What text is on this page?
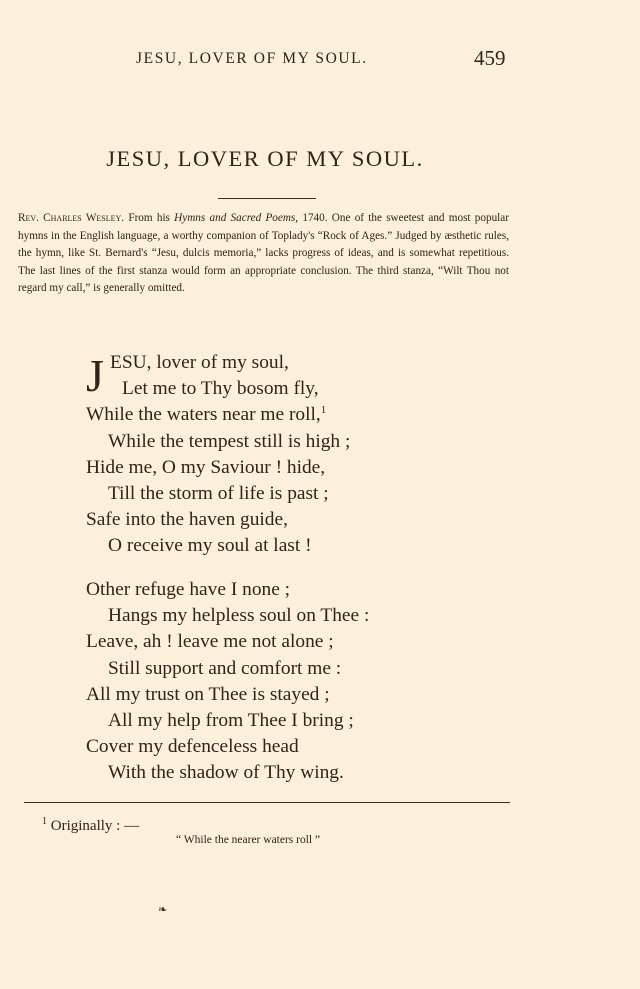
JESU, LOVER OF MY SOUL.	459
JESU, LOVER OF MY SOUL.
Rev. Charles Wesley. From his Hymns and Sacred Poems, 1740. One of the sweetest and most popular hymns in the English language, a worthy companion of Toplady's “Rock of Ages.” Judged by æsthetic rules, the hymn, like St. Bernard's “Jesu, dulcis memoria,” lacks progress of ideas, and is somewhat repetitious. The last lines of the first stanza would form an appropriate conclusion. The third stanza, “Wilt Thou not regard my call,” is generally omitted.
J ESU, lover of my soul,
Let me to Thy bosom fly,
While the waters near me roll,$^1$
While the tempest still is high ;
Hide me, O my Saviour ! hide,
Till the storm of life is past ;
Safe into the haven guide,
O receive my soul at last !
Other refuge have I none ;
Hangs my helpless soul on Thee :
Leave, ah ! leave me not alone ;
Still support and comfort me :
All my trust on Thee is stayed ;
All my help from Thee I bring ;
Cover my defenceless head
With the shadow of Thy wing.
$^1$ Originally : —
“ While the nearer waters roll ”
❧
